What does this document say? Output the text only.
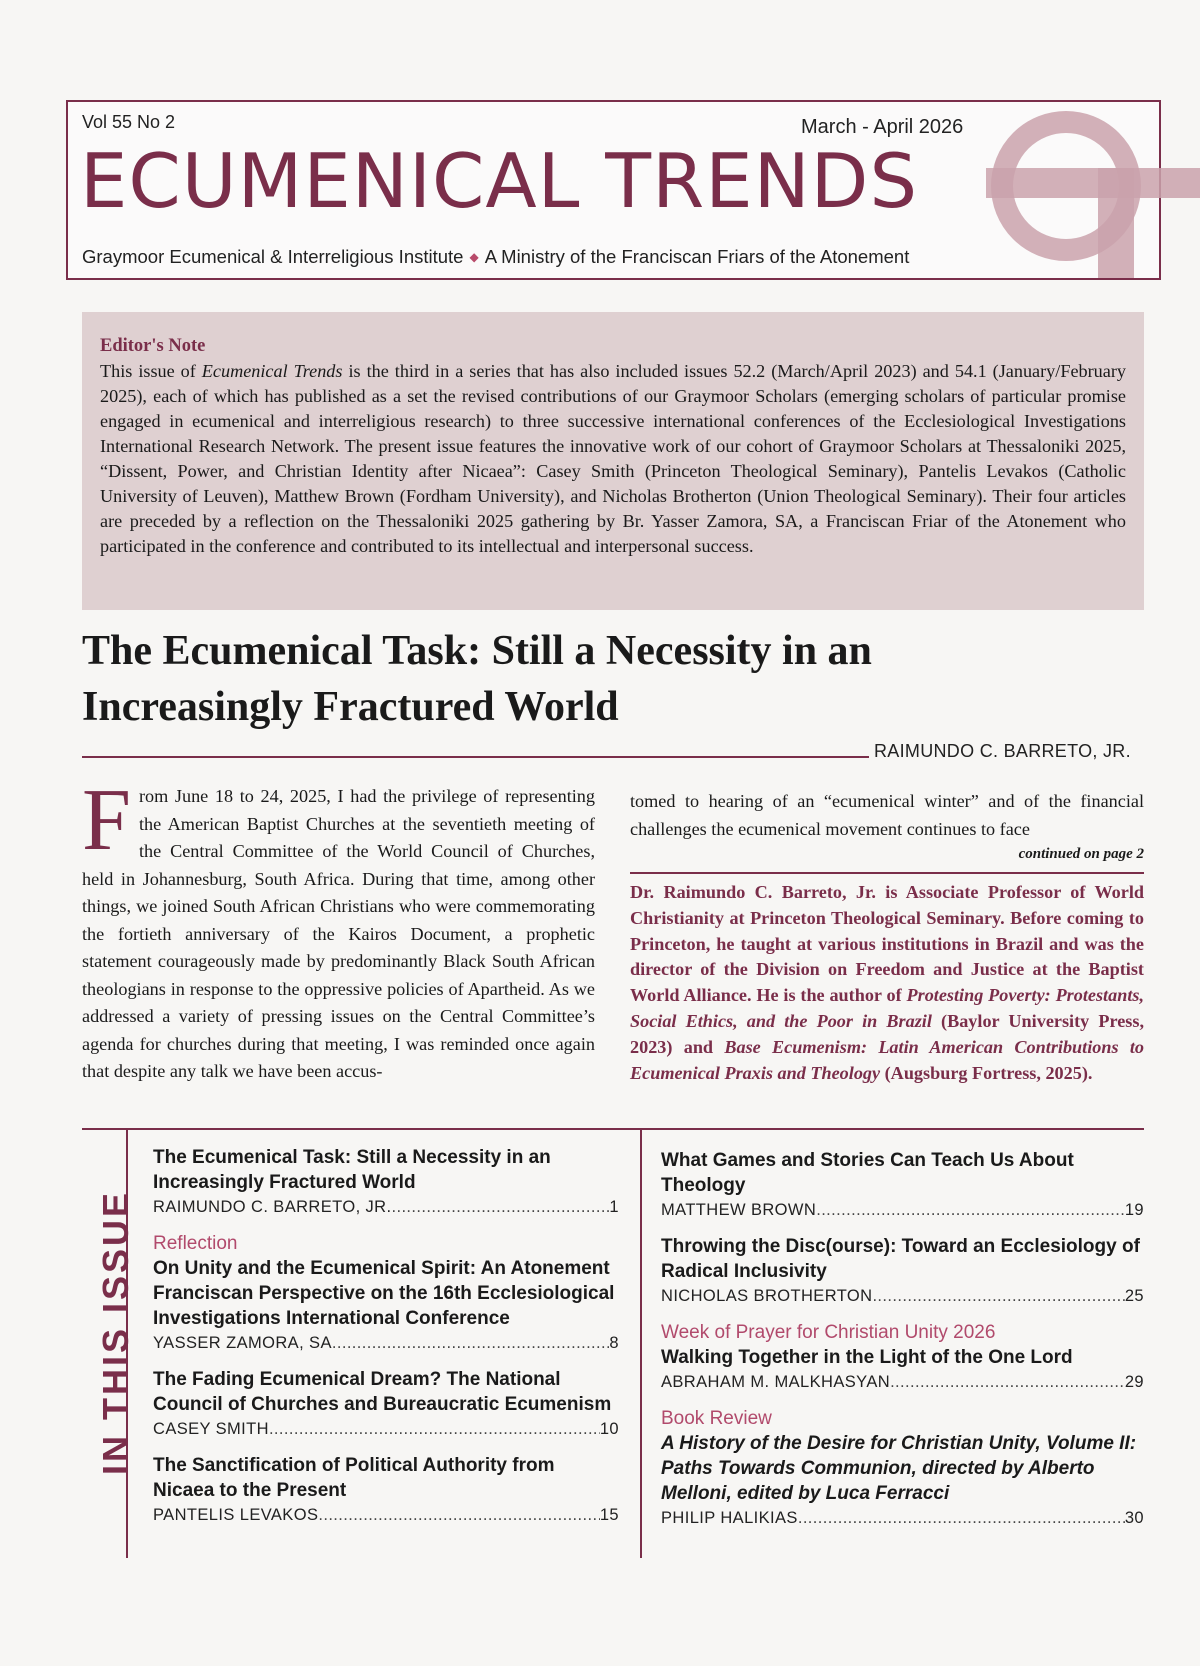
Vol 55 No 2	March - April 2026
ECUMENICAL TRENDS
Graymoor Ecumenical & Interreligious Institute ◆ A Ministry of the Franciscan Friars of the Atonement
Editor's Note
This issue of Ecumenical Trends is the third in a series that has also included issues 52.2 (March/April 2023) and 54.1 (January/February 2025), each of which has published as a set the revised contributions of our Graymoor Scholars (emerging scholars of particular promise engaged in ecumenical and interreligious research) to three successive international conferences of the Ecclesiological Investigations International Research Network. The present issue features the innovative work of our cohort of Graymoor Scholars at Thessaloniki 2025, “Dissent, Power, and Christian Identity after Nicaea”: Casey Smith (Princeton Theological Seminary), Pantelis Levakos (Catholic University of Leuven), Matthew Brown (Fordham University), and Nicholas Brotherton (Union Theological Seminary). Their four articles are preceded by a reflection on the Thessaloniki 2025 gathering by Br. Yasser Zamora, SA, a Franciscan Friar of the Atonement who participated in the conference and contributed to its intellectual and interpersonal success.
The Ecumenical Task: Still a Necessity in an
Increasingly Fractured World
RAIMUNDO C. BARRETO, JR.
From June 18 to 24, 2025, I had the privilege of representing the American Baptist Churches at the seventieth meeting of the Central Committee of the World Council of Churches, held in Johannesburg, South Africa. During that time, among other things, we joined South African Christians who were commemorating the fortieth anniversary of the Kairos Document, a prophetic statement courageously made by predominantly Black South African theologians in response to the oppressive policies of Apartheid. As we addressed a variety of pressing issues on the Central Committee’s agenda for churches during that meeting, I was reminded once again that despite any talk we have been accus-
tomed to hearing of an “ecumenical winter” and of the financial challenges the ecumenical movement continues to face
continued on page 2
Dr. Raimundo C. Barreto, Jr. is Associate Professor of World Christianity at Princeton Theological Seminary. Before coming to Princeton, he taught at various institutions in Brazil and was the director of the Division on Freedom and Justice at the Baptist World Alliance. He is the author of Protesting Poverty: Protestants, Social Ethics, and the Poor in Brazil (Baylor University Press, 2023) and Base Ecumenism: Latin American Contributions to Ecumenical Praxis and Theology (Augsburg Fortress, 2025).
IN THIS ISSUE
The Ecumenical Task: Still a Necessity in an Increasingly Fractured World
RAIMUNDO C. BARRETO, JR. .....	1
Reflection
On Unity and the Ecumenical Spirit: An Atonement Franciscan Perspective on the 16th Ecclesiological Investigations International Conference
YASSER ZAMORA, SA .....	8
The Fading Ecumenical Dream? The National Council of Churches and Bureaucratic Ecumenism
CASEY SMITH .....	10
The Sanctification of Political Authority from Nicaea to the Present
PANTELIS LEVAKOS .....	15
What Games and Stories Can Teach Us About Theology
MATTHEW BROWN .....	19
Throwing the Disc(ourse): Toward an Ecclesiology of Radical Inclusivity
NICHOLAS BROTHERTON .....	25
Week of Prayer for Christian Unity 2026
Walking Together in the Light of the One Lord
ABRAHAM M. MALKHASYAN .....	29
Book Review
A History of the Desire for Christian Unity, Volume II: Paths Towards Communion, directed by Alberto Melloni, edited by Luca Ferracci
PHILIP HALIKIAS .....	30
